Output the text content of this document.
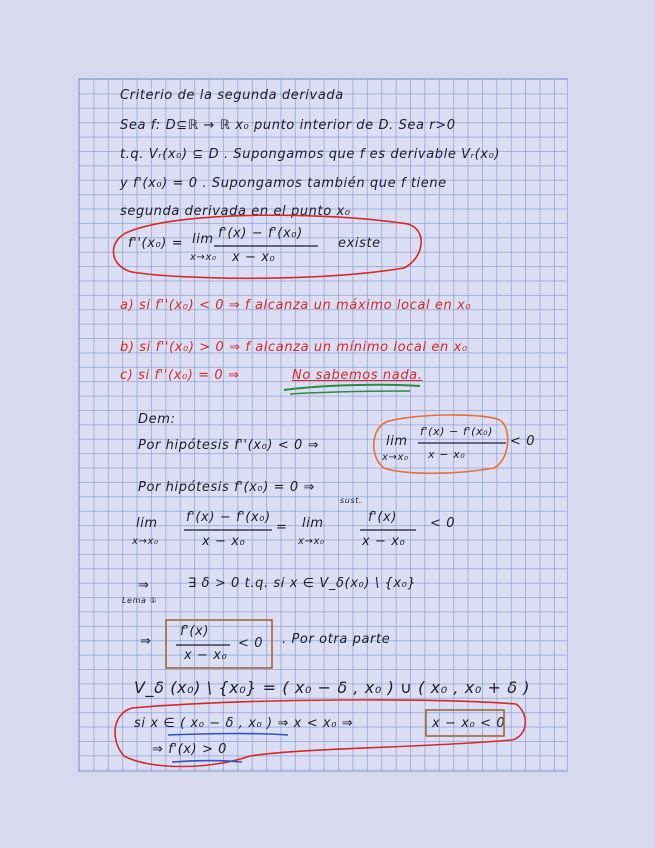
Criterio de la segunda derivada
Sea f: D⊆ℝ → ℝ x₀ punto interior de D. Sea r>0
t.q. Vᵣ(x₀) ⊆ D . Supongamos que f es derivable Vᵣ(x₀)
y f'(x₀) = 0 . Supongamos también que f tiene
segunda derivada en el punto x₀
f''(x₀) = lim
x→x₀
f'(x) − f'(x₀)
x − x₀
existe
a) si f''(x₀) < 0 ⇒ f alcanza un máximo local en x₀
b) si f''(x₀) > 0 ⇒ f alcanza un mínimo local en x₀
c) si f''(x₀) = 0 ⇒	No sabemos nada.
Dem:
Por hipótesis f''(x₀) < 0 ⇒	lim
x→x₀
f'(x) − f'(x₀)
x − x₀
< 0
Por hipótesis f'(x₀) = 0 ⇒
sust.
lim
x→x₀
f'(x) − f'(x₀)
x − x₀
= lim
x→x₀
f'(x)
x − x₀
< 0
⇒
Lema ①
∃ δ > 0 t.q. si x ∈ V_δ(x₀) \ {x₀}
⇒
f'(x)
x − x₀
< 0 . Por otra parte
V_δ (x₀) \ {x₀} = ( x₀ − δ , x₀ ) ∪ ( x₀ , x₀ + δ )
si x ∈ ( x₀ − δ , x₀ ) ⇒ x < x₀ ⇒	x − x₀ < 0
⇒ f'(x) > 0
